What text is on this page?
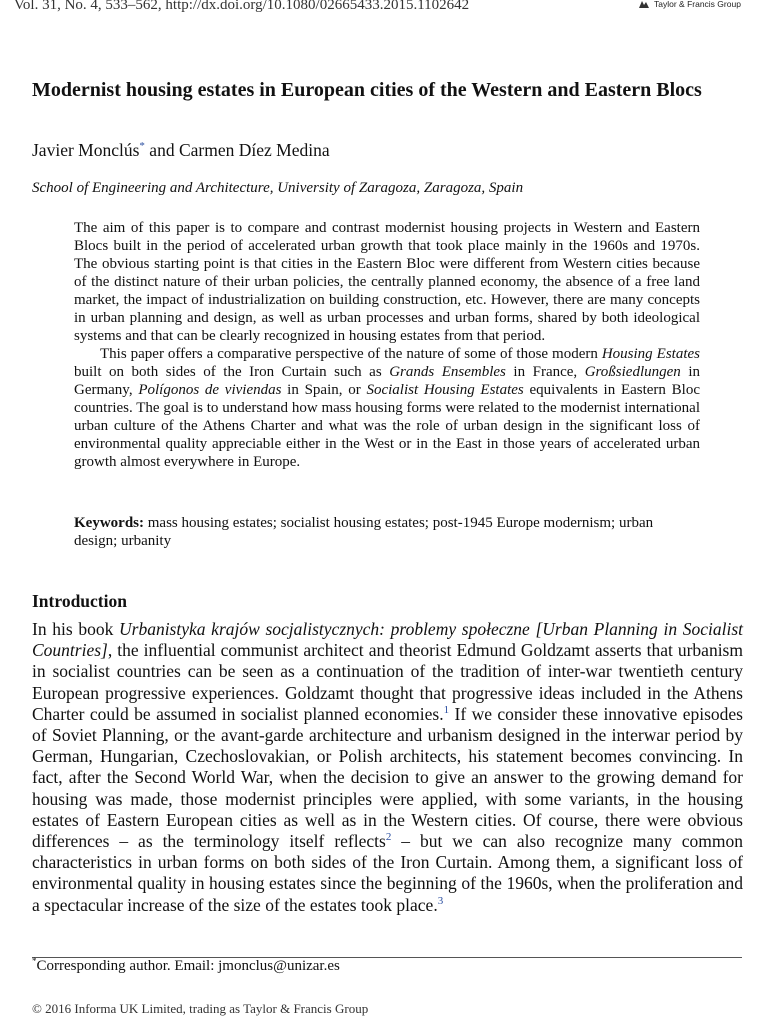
Vol. 31, No. 4, 533–562, http://dx.doi.org/10.1080/02665433.2015.1102642	Taylor & Francis Group
Modernist housing estates in European cities of the Western and Eastern Blocs
Javier Monclús* and Carmen Díez Medina
School of Engineering and Architecture, University of Zaragoza, Zaragoza, Spain

The aim of this paper is to compare and contrast modernist housing projects in Western and Eastern Blocs built in the period of accelerated urban growth that took place mainly in the 1960s and 1970s. The obvious starting point is that cities in the Eastern Bloc were different from Western cities because of the distinct nature of their urban policies, the centrally planned economy, the absence of a free land market, the impact of industrialization on building construction, etc. However, there are many concepts in urban planning and design, as well as urban processes and urban forms, shared by both ideological systems and that can be clearly recognized in housing estates from that period.

This paper offers a comparative perspective of the nature of some of those modern Housing Estates built on both sides of the Iron Curtain such as Grands Ensembles in France, Großsiedlungen in Germany, Polígonos de viviendas in Spain, or Socialist Housing Estates equivalents in Eastern Bloc countries. The goal is to understand how mass housing forms were related to the modernist international urban culture of the Athens Charter and what was the role of urban design in the significant loss of environmental quality appreciable either in the West or in the East in those years of accelerated urban growth almost everywhere in Europe.

Keywords: mass housing estates; socialist housing estates; post-1945 Europe modernism; urban design; urbanity

Introduction

In his book Urbanistyka krajów socjalistycznych: problemy społeczne [Urban Planning in Socialist Countries], the influential communist architect and theorist Edmund Goldzamt asserts that urbanism in socialist countries can be seen as a continuation of the tradition of inter-war twentieth century European progressive experiences. Goldzamt thought that progressive ideas included in the Athens Charter could be assumed in socialist planned economies.$^1$ If we consider these innovative episodes of Soviet Planning, or the avant-garde architecture and urbanism designed in the interwar period by German, Hungarian, Czechoslovakian, or Polish architects, his statement becomes convincing. In fact, after the Second World War, when the decision to give an answer to the growing demand for housing was made, those modernist principles were applied, with some variants, in the housing estates of Eastern European cities as well as in the Western cities. Of course, there were obvious differences – as the terminology itself reflects$^2$ – but we can also recognize many common characteristics in urban forms on both sides of the Iron Curtain. Among them, a significant loss of environmental quality in housing estates since the beginning of the 1960s, when the proliferation and a spectacular increase of the size of the estates took place.$^3$

*Corresponding author. Email: jmonclus@unizar.es
© 2016 Informa UK Limited, trading as Taylor & Francis Group
